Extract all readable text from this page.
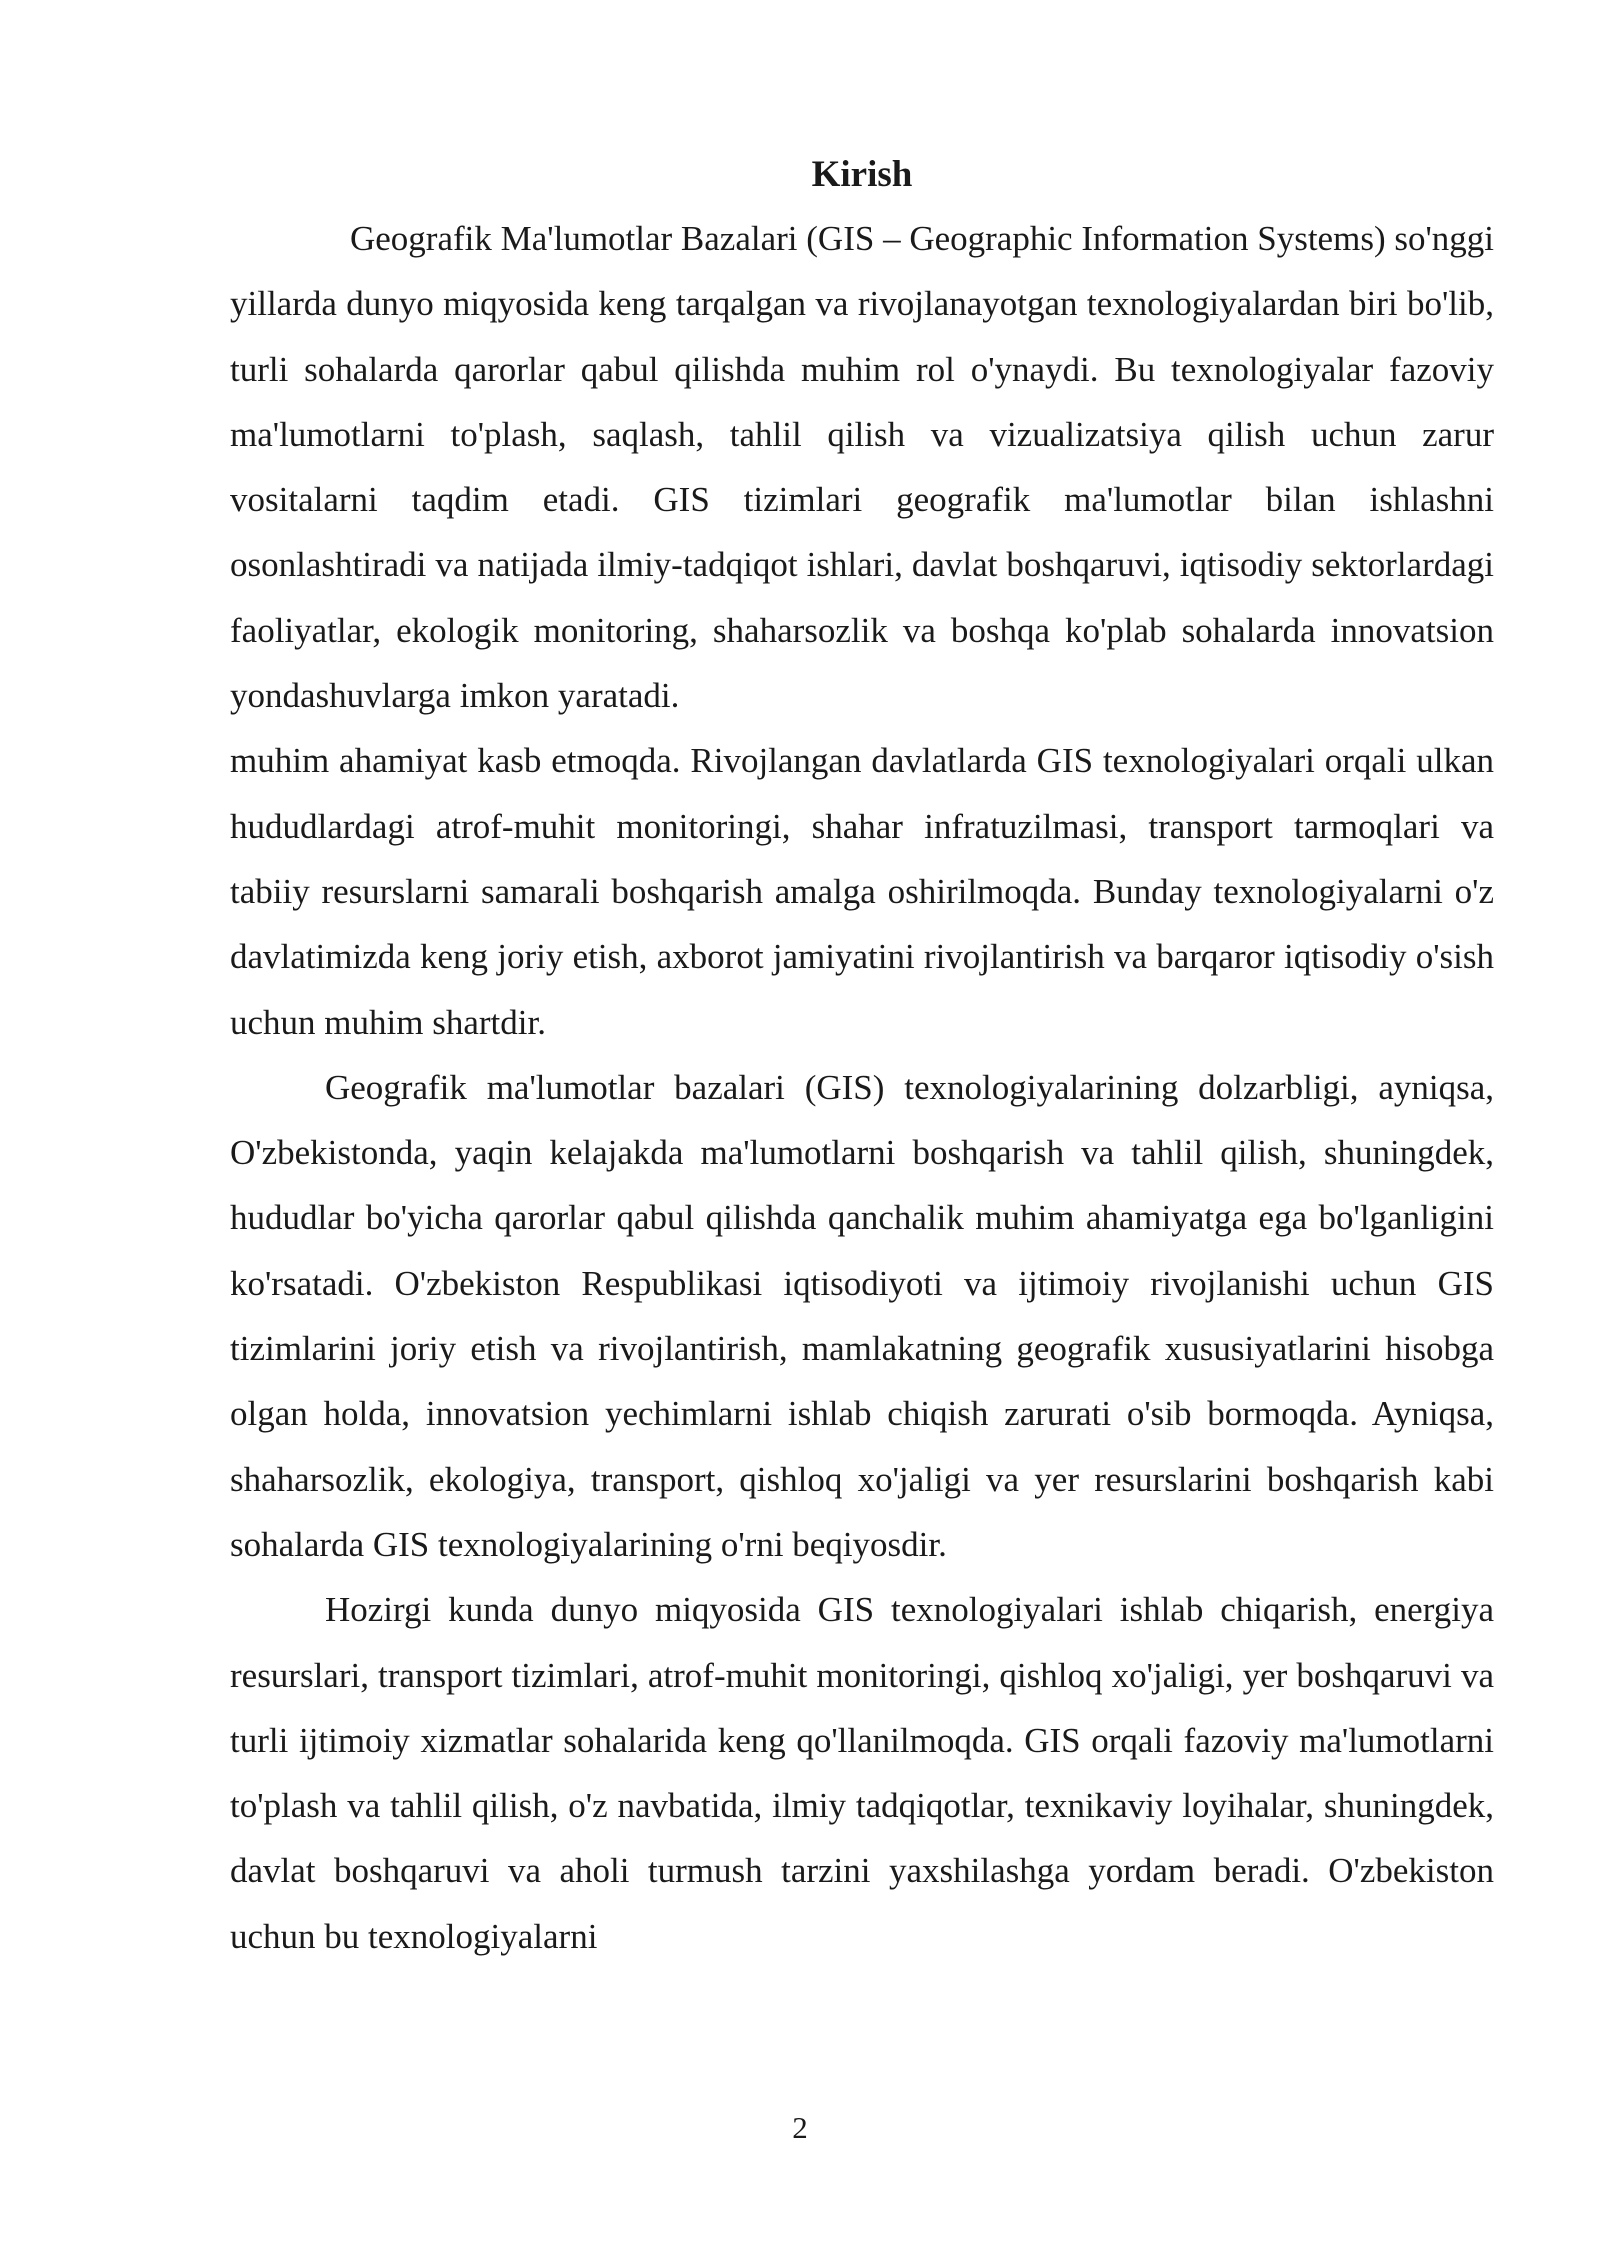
Kirish

Geografik Ma'lumotlar Bazalari (GIS – Geographic Information Systems) so'nggi yillarda dunyo miqyosida keng tarqalgan va rivojlanayotgan texnologiyalardan biri bo'lib, turli sohalarda qarorlar qabul qilishda muhim rol o'ynaydi. Bu texnologiyalar fazoviy ma'lumotlarni to'plash, saqlash, tahlil qilish va vizualizatsiya qilish uchun zarur vositalarni taqdim etadi. GIS tizimlari geografik ma'lumotlar bilan ishlashni osonlashtiradi va natijada ilmiy-tadqiqot ishlari, davlat boshqaruvi, iqtisodiy sektorlardagi faoliyatlar, ekologik monitoring, shaharsozlik va boshqa ko'plab sohalarda innovatsion yondashuvlarga imkon yaratadi.

muhim ahamiyat kasb etmoqda. Rivojlangan davlatlarda GIS texnologiyalari orqali ulkan hududlardagi atrof-muhit monitoringi, shahar infratuzilmasi, transport tarmoqlari va tabiiy resurslarni samarali boshqarish amalga oshirilmoqda. Bunday texnologiyalarni o'z davlatimizda keng joriy etish, axborot jamiyatini rivojlantirish va barqaror iqtisodiy o'sish uchun muhim shartdir.

Geografik ma'lumotlar bazalari (GIS) texnologiyalarining dolzarbligi, ayniqsa, O'zbekistonda, yaqin kelajakda ma'lumotlarni boshqarish va tahlil qilish, shuningdek, hududlar bo'yicha qarorlar qabul qilishda qanchalik muhim ahamiyatga ega bo'lganligini ko'rsatadi. O'zbekiston Respublikasi iqtisodiyoti va ijtimoiy rivojlanishi uchun GIS tizimlarini joriy etish va rivojlantirish, mamlakatning geografik xususiyatlarini hisobga olgan holda, innovatsion yechimlarni ishlab chiqish zarurati o'sib bormoqda. Ayniqsa, shaharsozlik, ekologiya, transport, qishloq xo'jaligi va yer resurslarini boshqarish kabi sohalarda GIS texnologiyalarining o'rni beqiyosdir.

Hozirgi kunda dunyo miqyosida GIS texnologiyalari ishlab chiqarish, energiya resurslari, transport tizimlari, atrof-muhit monitoringi, qishloq xo'jaligi, yer boshqaruvi va turli ijtimoiy xizmatlar sohalarida keng qo'llanilmoqda. GIS orqali fazoviy ma'lumotlarni to'plash va tahlil qilish, o'z navbatida, ilmiy tadqiqotlar, texnikaviy loyihalar, shuningdek, davlat boshqaruvi va aholi turmush tarzini yaxshilashga yordam beradi. O'zbekiston uchun bu texnologiyalarni

2
